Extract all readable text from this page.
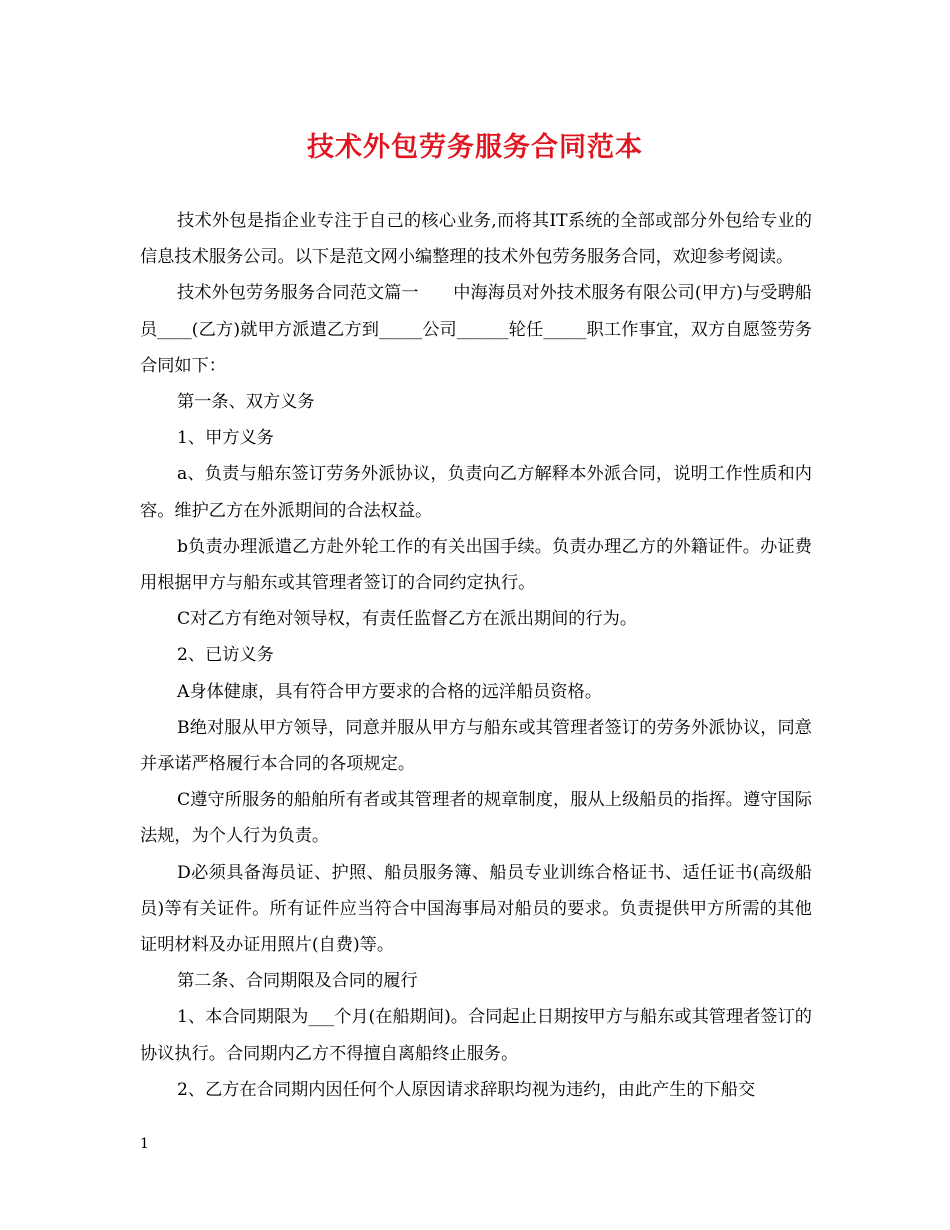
技术外包劳务服务合同范本

技术外包是指企业专注于自己的核心业务,而将其IT系统的全部或部分外包给专业的信息技术服务公司。以下是范文网小编整理的技术外包劳务服务合同，欢迎参考阅读。

技术外包劳务服务合同范文篇一　　中海海员对外技术服务有限公司(甲方)与受聘船员____(乙方)就甲方派遣乙方到_____公司______轮任_____职工作事宜，双方自愿签劳务合同如下：

第一条、双方义务

1、甲方义务

a、负责与船东签订劳务外派协议，负责向乙方解释本外派合同，说明工作性质和内容。维护乙方在外派期间的合法权益。

b负责办理派遣乙方赴外轮工作的有关出国手续。负责办理乙方的外籍证件。办证费用根据甲方与船东或其管理者签订的合同约定执行。

C对乙方有绝对领导权，有责任监督乙方在派出期间的行为。

2、已访义务

A身体健康，具有符合甲方要求的合格的远洋船员资格。

B绝对服从甲方领导，同意并服从甲方与船东或其管理者签订的劳务外派协议，同意并承诺严格履行本合同的各项规定。

C遵守所服务的船舶所有者或其管理者的规章制度，服从上级船员的指挥。遵守国际法规，为个人行为负责。

D必须具备海员证、护照、船员服务簿、船员专业训练合格证书、适任证书(高级船员)等有关证件。所有证件应当符合中国海事局对船员的要求。负责提供甲方所需的其他证明材料及办证用照片(自费)等。

第二条、合同期限及合同的履行

1、本合同期限为___个月(在船期间)。合同起止日期按甲方与船东或其管理者签订的协议执行。合同期内乙方不得擅自离船终止服务。

2、乙方在合同期内因任何个人原因请求辞职均视为违约，由此产生的下船交

1
